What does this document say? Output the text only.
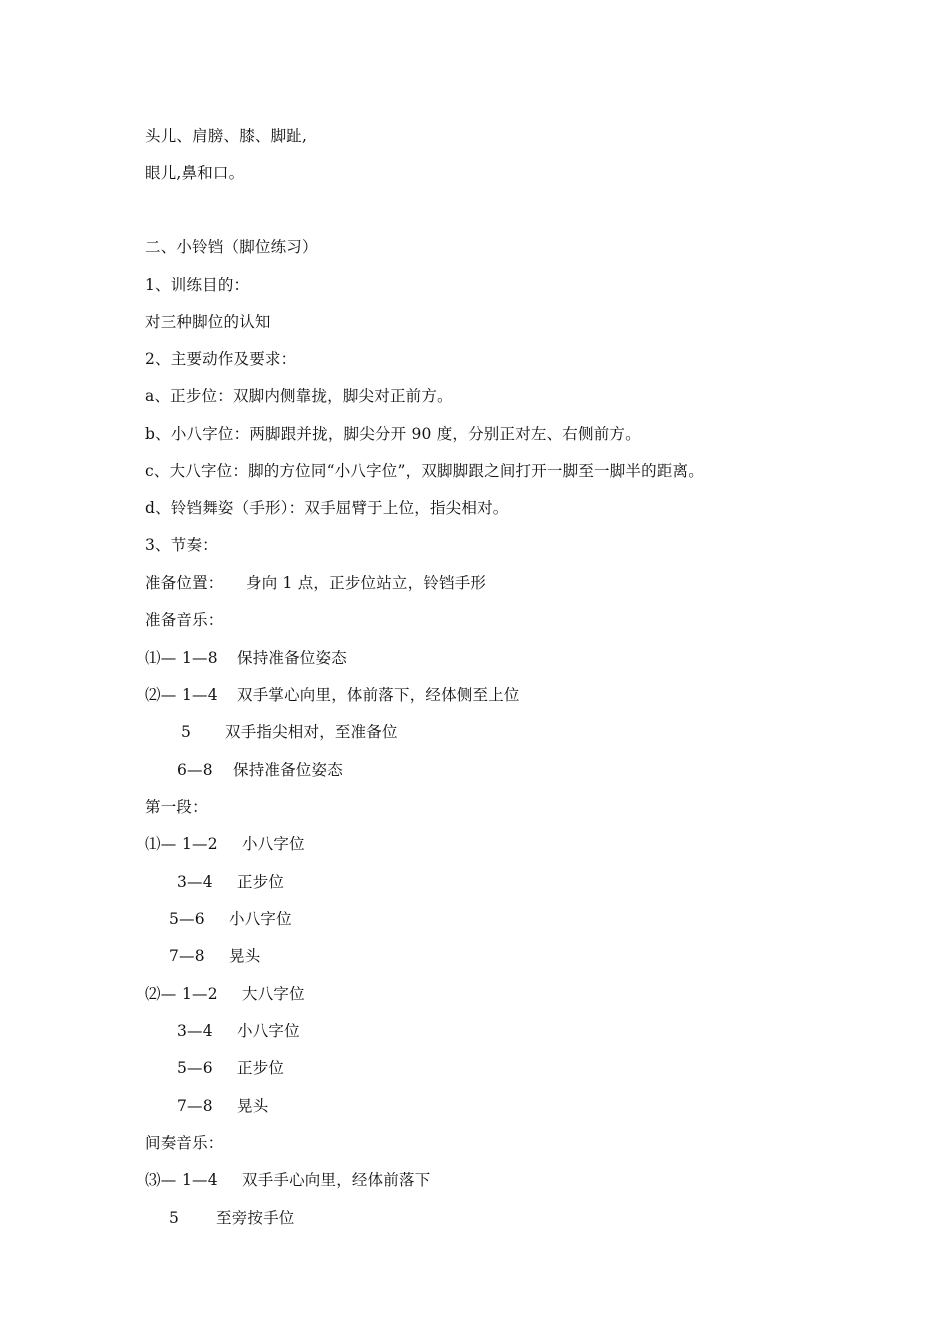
头儿、肩膀、膝、脚趾,
眼儿,鼻和口。
二、小铃铛（脚位练习）
1、训练目的：
对三种脚位的认知
2、主要动作及要求：
a、正步位：双脚内侧靠拢，脚尖对正前方。
b、小八字位：两脚跟并拢，脚尖分开 90 度，分别正对左、右侧前方。
c、大八字位：脚的方位同“小八字位”，双脚脚跟之间打开一脚至一脚半的距离。
d、铃铛舞姿（手形）：双手屈臂于上位，指尖相对。
3、节奏：

准备位置：

身向 1 点，正步位站立，铃铛手形

准备音乐：

⑴—

1—8

保持准备位姿态

⑵—

1—4

双手掌心向里，体前落下，经体侧至上位

5

双手指尖相对，至准备位

6—8

保持准备位姿态

第一段：

⑴—

1—2

小八字位

3—4

正步位

5—6

小八字位

7—8

晃头

⑵—

1—2

大八字位

3—4

小八字位

5—6

正步位

7—8

晃头

间奏音乐：

⑶—

1—4

双手手心向里，经体前落下

5

至旁按手位
